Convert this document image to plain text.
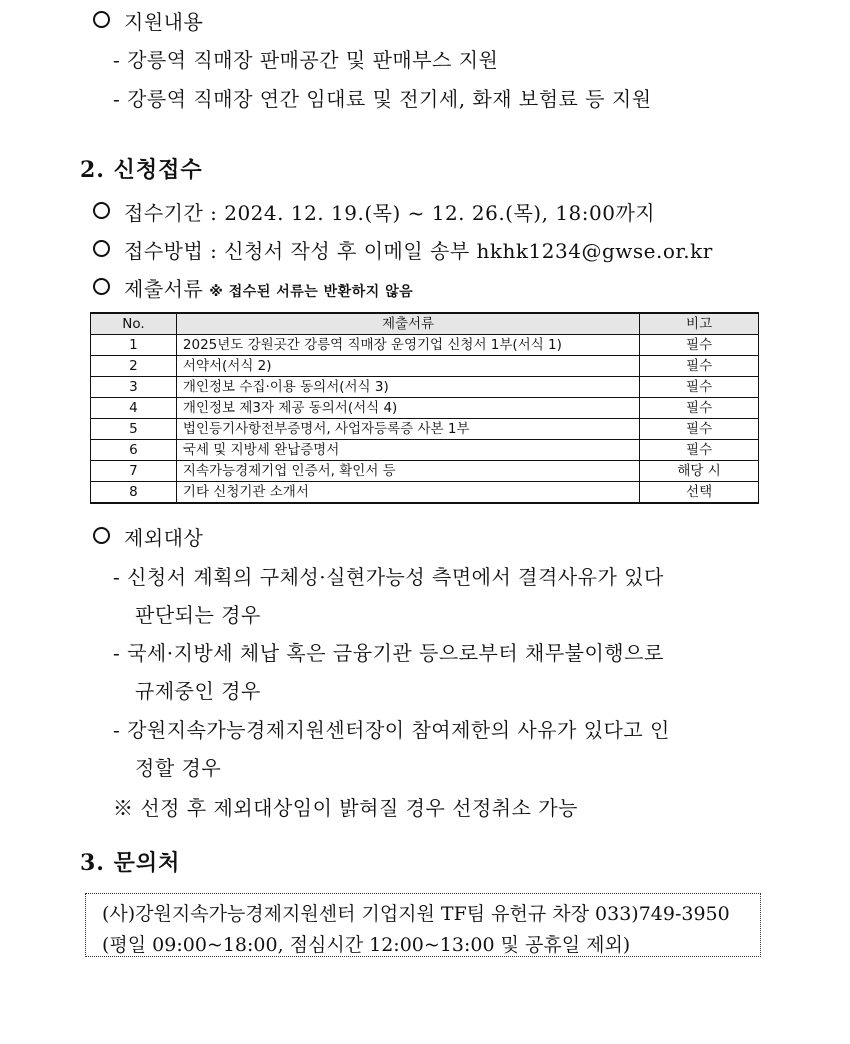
지원내용
- 강릉역 직매장 판매공간 및 판매부스 지원
- 강릉역 직매장 연간 임대료 및 전기세, 화재 보험료 등 지원
2. 신청접수
접수기간 : 2024. 12. 19.(목) ~ 12. 26.(목), 18:00까지
접수방법 : 신청서 작성 후 이메일 송부 hkhk1234@gwse.or.kr
제출서류 ※ 접수된 서류는 반환하지 않음
No.	제출서류	비고
1	2025년도 강원곳간 강릉역 직매장 운영기업 신청서 1부(서식 1)	필수
2	서약서(서식 2)	필수
3	개인정보 수집·이용 동의서(서식 3)	필수
4	개인정보 제3자 제공 동의서(서식 4)	필수
5	법인등기사항전부증명서, 사업자등록증 사본 1부	필수
6	국세 및 지방세 완납증명서	필수
7	지속가능경제기업 인증서, 확인서 등	해당 시
8	기타 신청기관 소개서	선택
제외대상
- 신청서 계획의 구체성·실현가능성 측면에서 결격사유가 있다
판단되는 경우
- 국세·지방세 체납 혹은 금융기관 등으로부터 채무불이행으로
규제중인 경우
- 강원지속가능경제지원센터장이 참여제한의 사유가 있다고 인
정할 경우
※ 선정 후 제외대상임이 밝혀질 경우 선정취소 가능
3. 문의처
(사)강원지속가능경제지원센터 기업지원 TF팀 유헌규 차장 033)749-3950
(평일 09:00~18:00, 점심시간 12:00~13:00 및 공휴일 제외)
